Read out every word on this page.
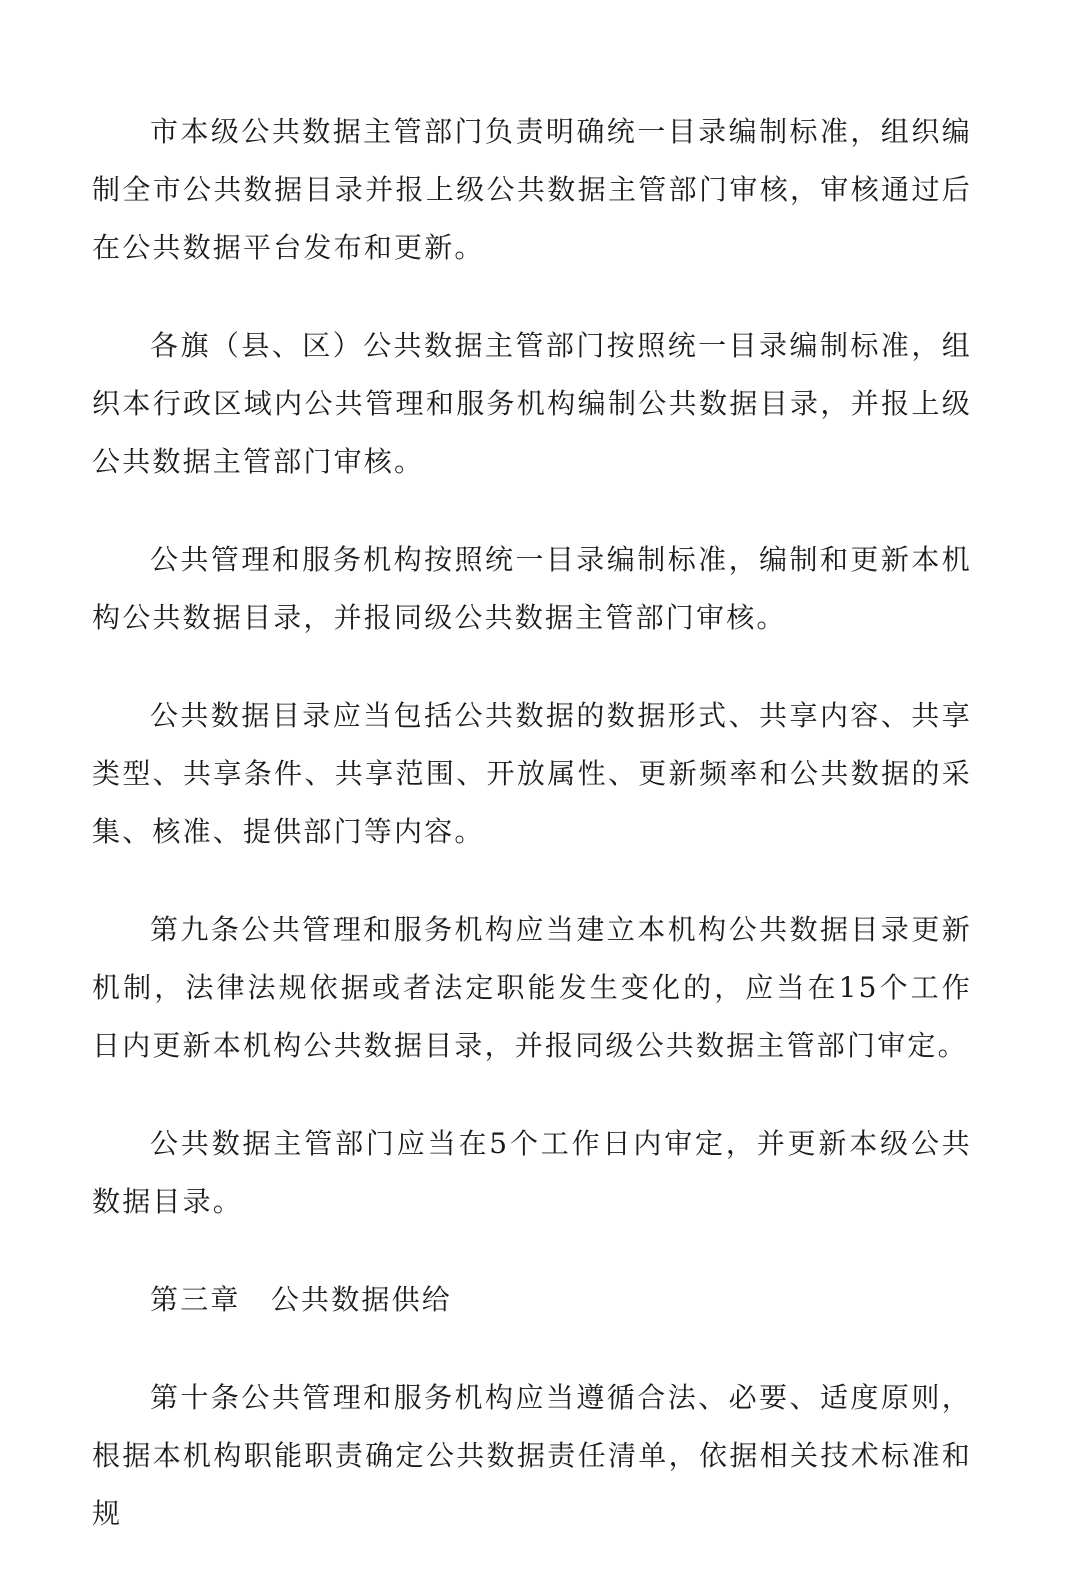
市本级公共数据主管部门负责明确统一目录编制标准，组织编制全市公共数据目录并报上级公共数据主管部门审核，审核通过后在公共数据平台发布和更新。

各旗（县、区）公共数据主管部门按照统一目录编制标准，组织本行政区域内公共管理和服务机构编制公共数据目录，并报上级公共数据主管部门审核。

公共管理和服务机构按照统一目录编制标准，编制和更新本机构公共数据目录，并报同级公共数据主管部门审核。

公共数据目录应当包括公共数据的数据形式、共享内容、共享类型、共享条件、共享范围、开放属性、更新频率和公共数据的采集、核准、提供部门等内容。

第九条公共管理和服务机构应当建立本机构公共数据目录更新机制，法律法规依据或者法定职能发生变化的，应当在15个工作日内更新本机构公共数据目录，并报同级公共数据主管部门审定。

公共数据主管部门应当在5个工作日内审定，并更新本级公共数据目录。

第三章　公共数据供给

第十条公共管理和服务机构应当遵循合法、必要、适度原则，根据本机构职能职责确定公共数据责任清单，依据相关技术标准和规
